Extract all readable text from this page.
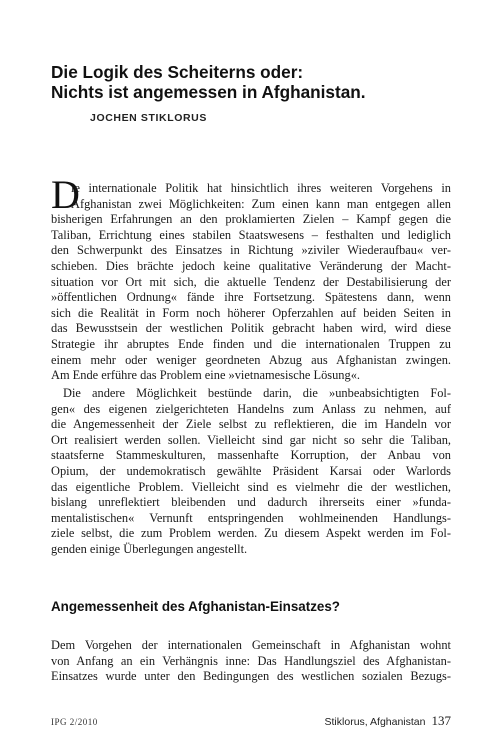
Die Logik des Scheiterns oder:
Nichts ist angemessen in Afghanistan.
JOCHEN STIKLORUS
D
ie internationale Politik hat hinsichtlich ihres weiteren Vorgehens in
Afghanistan zwei Möglichkeiten: Zum einen kann man entgegen allen
bisherigen Erfahrungen an den proklamierten Zielen – Kampf gegen die
Taliban, Errichtung eines stabilen Staatswesens – festhalten und lediglich
den Schwerpunkt des Einsatzes in Richtung »ziviler Wiederaufbau« ver-
schieben. Dies brächte jedoch keine qualitative Veränderung der Macht-
situation vor Ort mit sich, die aktuelle Tendenz der Destabilisierung der
»öffentlichen Ordnung« fände ihre Fortsetzung. Spätestens dann, wenn
sich die Realität in Form noch höherer Opferzahlen auf beiden Seiten in
das Bewusstsein der westlichen Politik gebracht haben wird, wird diese
Strategie ihr abruptes Ende finden und die internationalen Truppen zu
einem mehr oder weniger geordneten Abzug aus Afghanistan zwingen.
Am Ende erführe das Problem eine »vietnamesische Lösung«.
Die andere Möglichkeit bestünde darin, die »unbeabsichtigten Fol-
gen« des eigenen zielgerichteten Handelns zum Anlass zu nehmen, auf
die Angemessenheit der Ziele selbst zu reflektieren, die im Handeln vor
Ort realisiert werden sollen. Vielleicht sind gar nicht so sehr die Taliban,
staatsferne Stammeskulturen, massenhafte Korruption, der Anbau von
Opium, der undemokratisch gewählte Präsident Karsai oder Warlords
das eigentliche Problem. Vielleicht sind es vielmehr die der westlichen,
bislang unreflektiert bleibenden und dadurch ihrerseits einer »funda-
mentalistischen« Vernunft entspringenden wohlmeinenden Handlungs-
ziele selbst, die zum Problem werden. Zu diesem Aspekt werden im Fol-
genden einige Überlegungen angestellt.
Angemessenheit des Afghanistan-Einsatzes?
Dem Vorgehen der internationalen Gemeinschaft in Afghanistan wohnt
von Anfang an ein Verhängnis inne: Das Handlungsziel des Afghanistan-
Einsatzes wurde unter den Bedingungen des westlichen sozialen Bezugs-
IPG 2/2010	Stiklorus, Afghanistan 137
